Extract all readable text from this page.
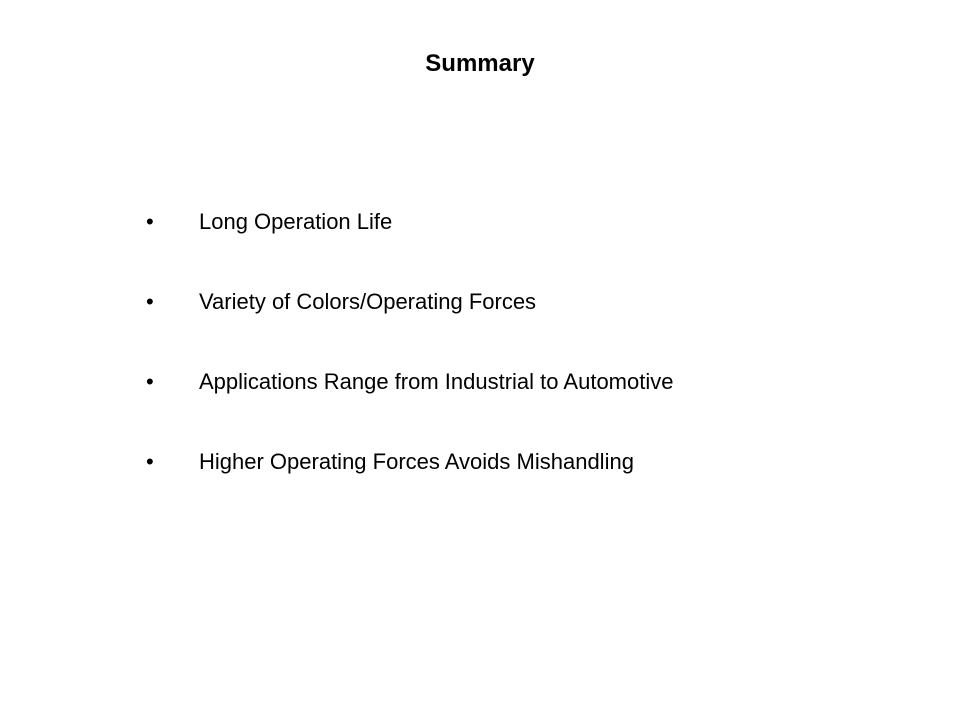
Summary
•	Long Operation Life
•	Variety of Colors/Operating Forces
•	Applications Range from Industrial to Automotive
•	Higher Operating Forces Avoids Mishandling
